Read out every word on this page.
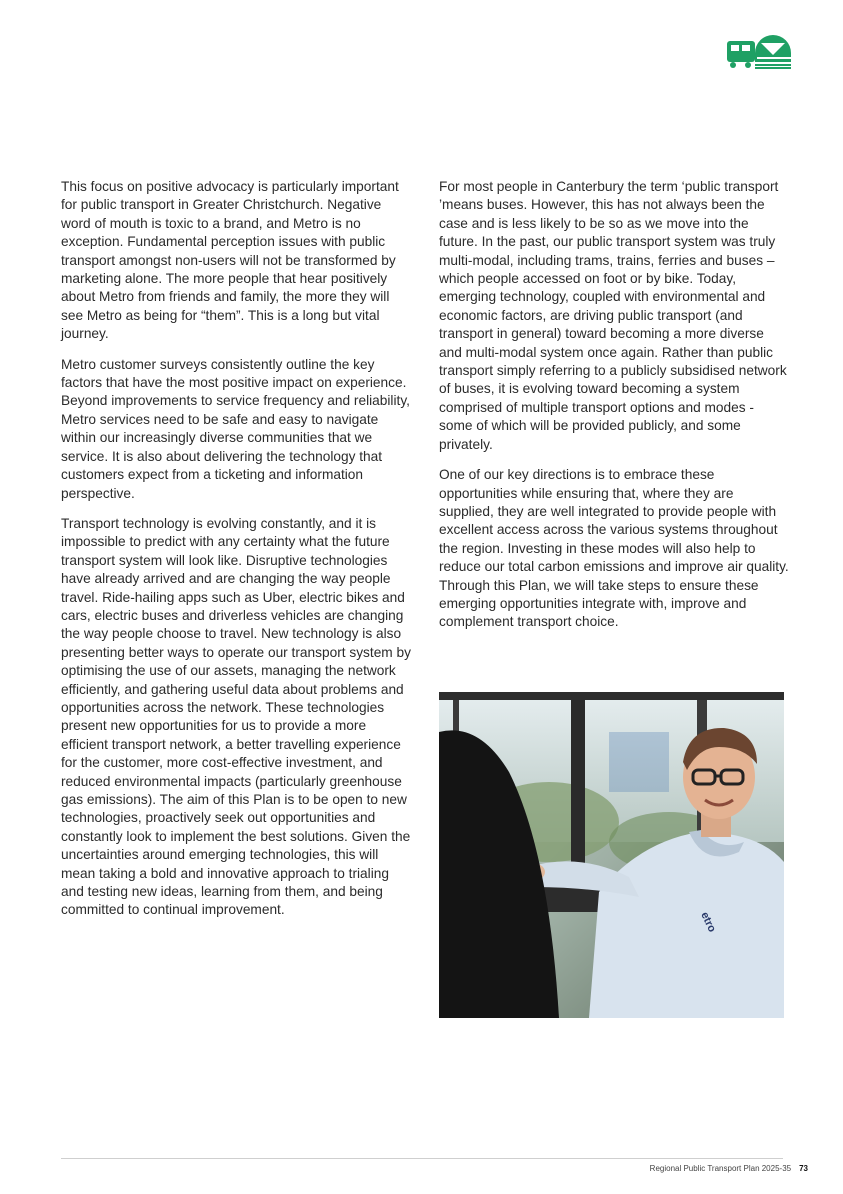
This focus on positive advocacy is particularly important for public transport in Greater Christchurch. Negative word of mouth is toxic to a brand, and Metro is no exception. Fundamental perception issues with public transport amongst non-users will not be transformed by marketing alone. The more people that hear positively about Metro from friends and family, the more they will see Metro as being for “them”. This is a long but vital journey.

Metro customer surveys consistently outline the key factors that have the most positive impact on experience. Beyond improvements to service frequency and reliability, Metro services need to be safe and easy to navigate within our increasingly diverse communities that we service. It is also about delivering the technology that customers expect from a ticketing and information perspective.

Transport technology is evolving constantly, and it is impossible to predict with any certainty what the future transport system will look like. Disruptive technologies have already arrived and are changing the way people travel. Ride-hailing apps such as Uber, electric bikes and cars, electric buses and driverless vehicles are changing the way people choose to travel. New technology is also presenting better ways to operate our transport system by optimising the use of our assets, managing the network efficiently, and gathering useful data about problems and opportunities across the network. These technologies present new opportunities for us to provide a more efficient transport network, a better travelling experience for the customer, more cost-effective investment, and reduced environmental impacts (particularly greenhouse gas emissions). The aim of this Plan is to be open to new technologies, proactively seek out opportunities and constantly look to implement the best solutions. Given the uncertainties around emerging technologies, this will mean taking a bold and innovative approach to trialing and testing new ideas, learning from them, and being committed to continual improvement.

For most people in Canterbury the term ‘public transport ’means buses. However, this has not always been the case and is less likely to be so as we move into the future. In the past, our public transport system was truly multi-modal, including trams, trains, ferries and buses – which people accessed on foot or by bike. Today, emerging technology, coupled with environmental and economic factors, are driving public transport (and transport in general) toward becoming a more diverse and multi-modal system once again. Rather than public transport simply referring to a publicly subsidised network of buses, it is evolving toward becoming a system comprised of multiple transport options and modes - some of which will be provided publicly, and some privately.

One of our key directions is to embrace these opportunities while ensuring that, where they are supplied, they are well integrated to provide people with excellent access across the various systems throughout the region. Investing in these modes will also help to reduce our total carbon emissions and improve air quality. Through this Plan, we will take steps to ensure these emerging opportunities integrate with, improve and complement transport choice.

etro
Regional Public Transport Plan 2025-35 73
